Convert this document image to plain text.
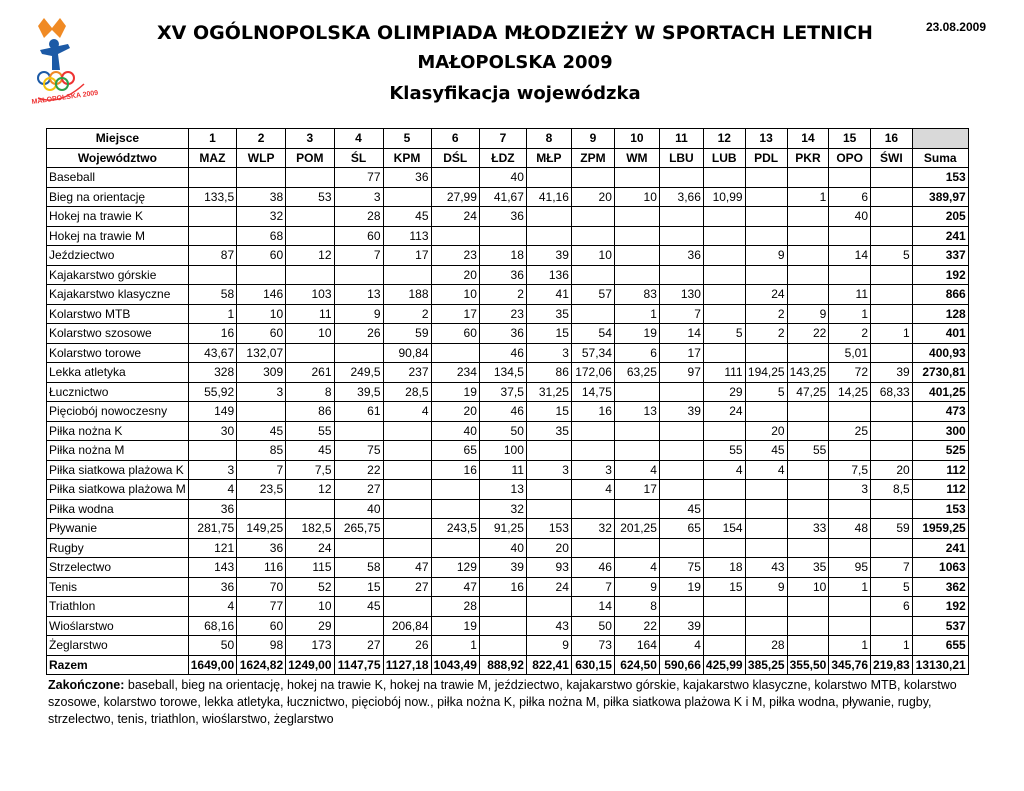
MAŁOPOLSKA 2009
XV OGÓLNOPOLSKA OLIMPIADA MŁODZIEŻY W SPORTACH LETNICH
MAŁOPOLSKA 2009
Klasyfikacja wojewódzka
23.08.2009
Miejsce	1	2	3	4	5	6	7	8	9	10	11	12	13	14	15	16	
Województwo	MAZ	WLP	POM	ŚL	KPM	DŚL	ŁDZ	MŁP	ZPM	WM	LBU	LUB	PDL	PKR	OPO	ŚWI	Suma
Baseball				77	36		40										153
Bieg na orientację	133,5	38	53	3		27,99	41,67	41,16	20	10	3,66	10,99		1	6		389,97
Hokej na trawie K		32		28	45	24	36								40		205
Hokej na trawie M		68		60	113												241
Jeździectwo	87	60	12	7	17	23	18	39	10		36		9		14	5	337
Kajakarstwo górskie						20	36	136									192
Kajakarstwo klasyczne	58	146	103	13	188	10	2	41	57	83	130		24		11		866
Kolarstwo MTB	1	10	11	9	2	17	23	35		1	7		2	9	1		128
Kolarstwo szosowe	16	60	10	26	59	60	36	15	54	19	14	5	2	22	2	1	401
Kolarstwo torowe	43,67	132,07			90,84		46	3	57,34	6	17				5,01		400,93
Lekka atletyka	328	309	261	249,5	237	234	134,5	86	172,06	63,25	97	111	194,25	143,25	72	39	2730,81
Łucznictwo	55,92	3	8	39,5	28,5	19	37,5	31,25	14,75			29	5	47,25	14,25	68,33	401,25
Pięciobój nowoczesny	149		86	61	4	20	46	15	16	13	39	24					473
Piłka nożna K	30	45	55			40	50	35					20		25		300
Piłka nożna M		85	45	75		65	100					55	45	55			525
Piłka siatkowa plażowa K	3	7	7,5	22		16	11	3	3	4		4	4		7,5	20	112
Piłka siatkowa plażowa M	4	23,5	12	27			13		4	17					3	8,5	112
Piłka wodna	36			40			32				45						153
Pływanie	281,75	149,25	182,5	265,75		243,5	91,25	153	32	201,25	65	154		33	48	59	1959,25
Rugby	121	36	24				40	20									241
Strzelectwo	143	116	115	58	47	129	39	93	46	4	75	18	43	35	95	7	1063
Tenis	36	70	52	15	27	47	16	24	7	9	19	15	9	10	1	5	362
Triathlon	4	77	10	45		28			14	8						6	192
Wioślarstwo	68,16	60	29		206,84	19		43	50	22	39						537
Żeglarstwo	50	98	173	27	26	1		9	73	164	4		28		1	1	655
Razem	1649,00	1624,82	1249,00	1147,75	1127,18	1043,49	888,92	822,41	630,15	624,50	590,66	425,99	385,25	355,50	345,76	219,83	13130,21
Zakończone: baseball, bieg na orientację, hokej na trawie K, hokej na trawie M, jeździectwo, kajakarstwo górskie, kajakarstwo klasyczne, kolarstwo MTB, kolarstwo szosowe, kolarstwo torowe, lekka atletyka, łucznictwo, pięciobój now., piłka nożna K, piłka nożna M, piłka siatkowa plażowa K i M, piłka wodna, pływanie, rugby, strzelectwo, tenis, triathlon, wioślarstwo, żeglarstwo
